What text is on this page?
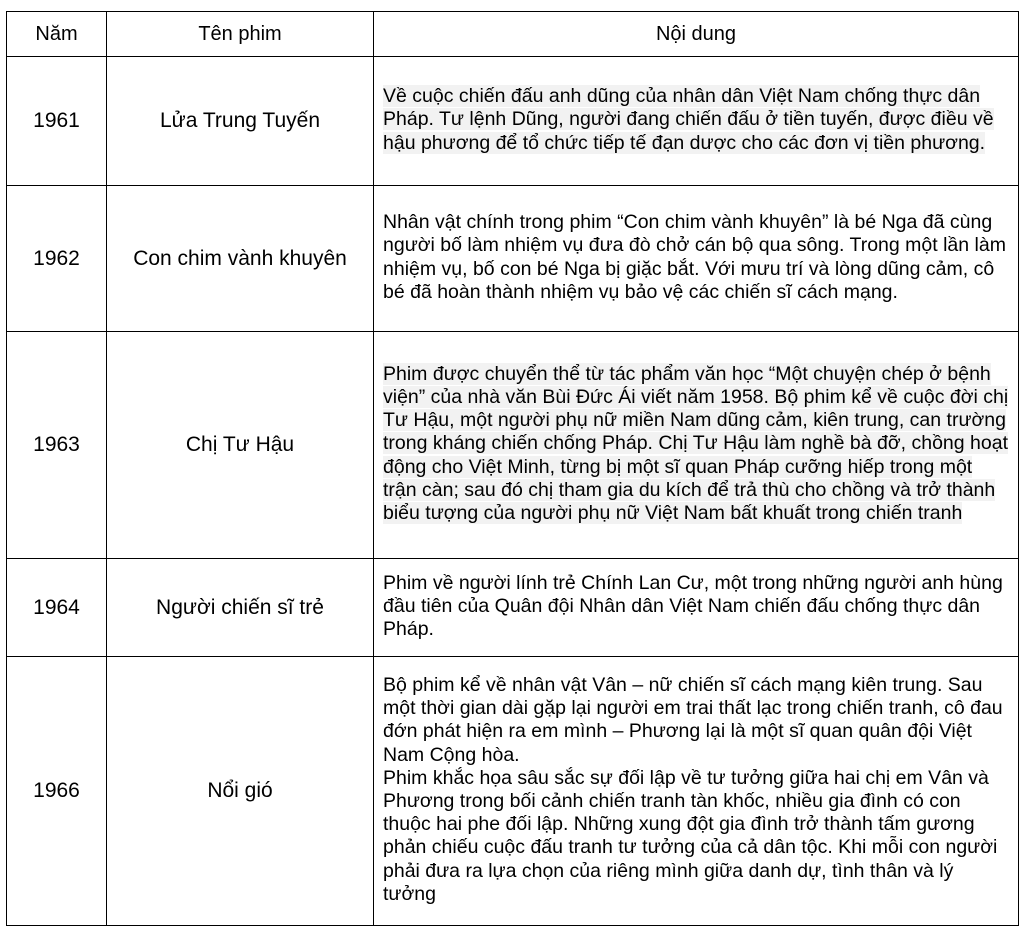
Năm	Tên phim	Nội dung
1961	Lửa Trung Tuyến	Về cuộc chiến đấu anh dũng của nhân dân Việt Nam chống thực dân Pháp. Tư lệnh Dũng, người đang chiến đấu ở tiền tuyến, được điều về hậu phương để tổ chức tiếp tế đạn dược cho các đơn vị tiền phương.
1962	Con chim vành khuyên	Nhân vật chính trong phim “Con chim vành khuyên” là bé Nga đã cùng người bố làm nhiệm vụ đưa đò chở cán bộ qua sông. Trong một lần làm nhiệm vụ, bố con bé Nga bị giặc bắt. Với mưu trí và lòng dũng cảm, cô bé đã hoàn thành nhiệm vụ bảo vệ các chiến sĩ cách mạng.
1963	Chị Tư Hậu	Phim được chuyển thể từ tác phẩm văn học “Một chuyện chép ở bệnh viện” của nhà văn Bùi Đức Ái viết năm 1958. Bộ phim kể về cuộc đời chị Tư Hậu, một người phụ nữ miền Nam dũng cảm, kiên trung, can trường trong kháng chiến chống Pháp. Chị Tư Hậu làm nghề bà đỡ, chồng hoạt động cho Việt Minh, từng bị một sĩ quan Pháp cưỡng hiếp trong một trận càn; sau đó chị tham gia du kích để trả thù cho chồng và trở thành biểu tượng của người phụ nữ Việt Nam bất khuất trong chiến tranh
1964	Người chiến sĩ trẻ	Phim về người lính trẻ Chính Lan Cư, một trong những người anh hùng đầu tiên của Quân đội Nhân dân Việt Nam chiến đấu chống thực dân Pháp.
1966	Nổi gió	Bộ phim kể về nhân vật Vân – nữ chiến sĩ cách mạng kiên trung. Sau một thời gian dài gặp lại người em trai thất lạc trong chiến tranh, cô đau đớn phát hiện ra em mình – Phương lại là một sĩ quan quân đội Việt Nam Cộng hòa.
Phim khắc họa sâu sắc sự đối lập về tư tưởng giữa hai chị em Vân và Phương trong bối cảnh chiến tranh tàn khốc, nhiều gia đình có con thuộc hai phe đối lập. Những xung đột gia đình trở thành tấm gương phản chiếu cuộc đấu tranh tư tưởng của cả dân tộc. Khi mỗi con người phải đưa ra lựa chọn của riêng mình giữa danh dự, tình thân và lý tưởng
